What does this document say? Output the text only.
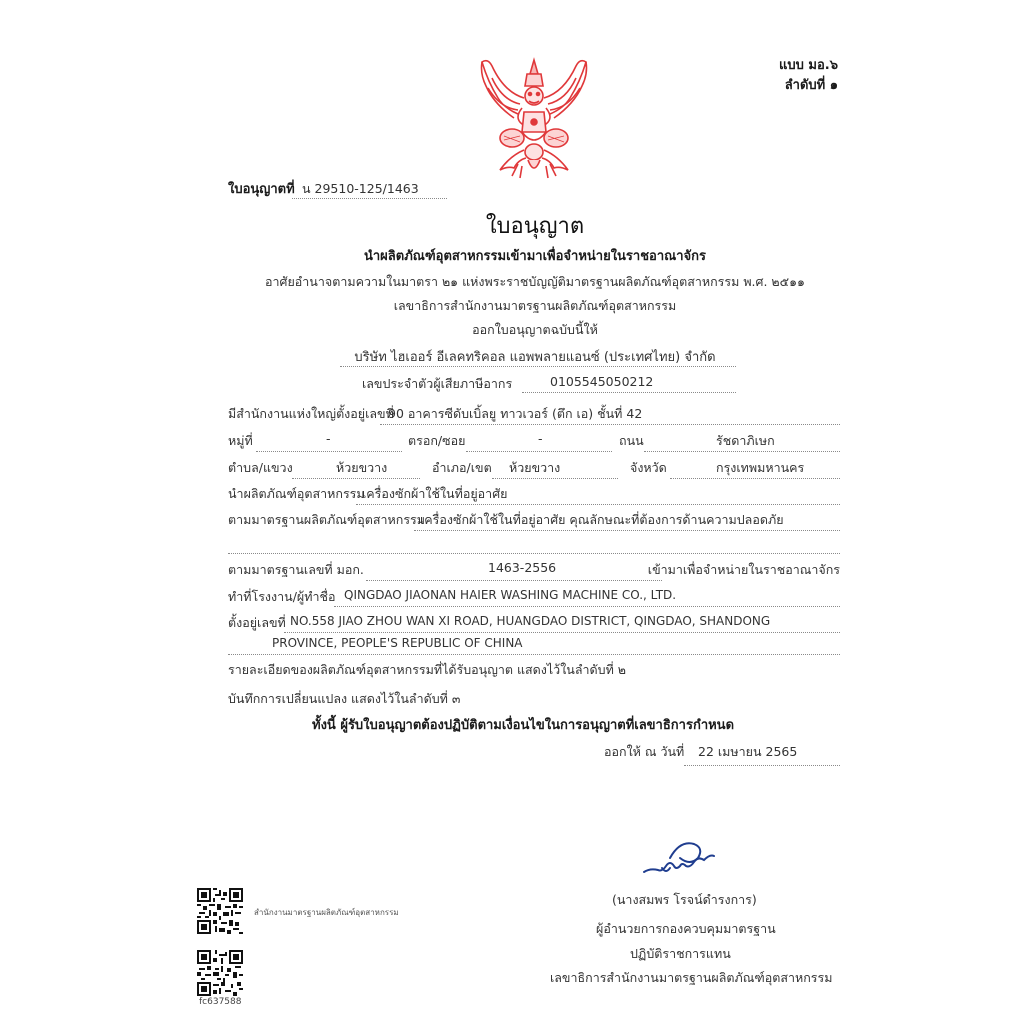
แบบ มอ.๖
ลำดับที่ ๑
ใบอนุญาตที่ น 29510-125/1463
ใบอนุญาต
นำผลิตภัณฑ์อุตสาหกรรมเข้ามาเพื่อจำหน่ายในราชอาณาจักร
อาศัยอำนาจตามความในมาตรา ๒๑ แห่งพระราชบัญญัติมาตรฐานผลิตภัณฑ์อุตสาหกรรม พ.ศ. ๒๕๑๑
เลขาธิการสำนักงานมาตรฐานผลิตภัณฑ์อุตสาหกรรม
ออกใบอนุญาตฉบับนี้ให้
บริษัท ไฮเออร์ อีเลคทริคอล แอพพลายแอนซ์ (ประเทศไทย) จำกัด
เลขประจำตัวผู้เสียภาษีอากร	0105545050212
มีสำนักงานแห่งใหญ่ตั้งอยู่เลขที่
90 อาคารซีดับเบิ้ลยู ทาวเวอร์ (ตึก เอ) ชั้นที่ 42
หมู่ที่	-	ตรอก/ซอย	-	ถนน	รัชดาภิเษก
ตำบล/แขวง	ห้วยขวาง	อำเภอ/เขต ห้วยขวาง	จังหวัด	กรุงเทพมหานคร
นำผลิตภัณฑ์อุตสาหกรรม
เครื่องซักผ้าใช้ในที่อยู่อาศัย
ตามมาตรฐานผลิตภัณฑ์อุตสาหกรรม
เครื่องซักผ้าใช้ในที่อยู่อาศัย คุณลักษณะที่ต้องการด้านความปลอดภัย
ตามมาตรฐานเลขที่ มอก.	1463-2556	เข้ามาเพื่อจำหน่ายในราชอาณาจักร
ทำที่โรงงาน/ผู้ทำชื่อ QINGDAO JIAONAN HAIER WASHING MACHINE CO., LTD.
ตั้งอยู่เลขที่ NO.558 JIAO ZHOU WAN XI ROAD, HUANGDAO DISTRICT, QINGDAO, SHANDONG
PROVINCE, PEOPLE'S REPUBLIC OF CHINA
รายละเอียดของผลิตภัณฑ์อุตสาหกรรมที่ได้รับอนุญาต แสดงไว้ในลำดับที่ ๒
บันทึกการเปลี่ยนแปลง แสดงไว้ในลำดับที่ ๓
ทั้งนี้ ผู้รับใบอนุญาตต้องปฏิบัติตามเงื่อนไขในการอนุญาตที่เลขาธิการกำหนด
ออกให้ ณ วันที่ 22 เมษายน 2565
(นางสมพร โรจน์ดำรงการ)
ผู้อำนวยการกองควบคุมมาตรฐาน
ปฏิบัติราชการแทน
เลขาธิการสำนักงานมาตรฐานผลิตภัณฑ์อุตสาหกรรม
สำนักงานมาตรฐานผลิตภัณฑ์อุตสาหกรรม
fc637588
